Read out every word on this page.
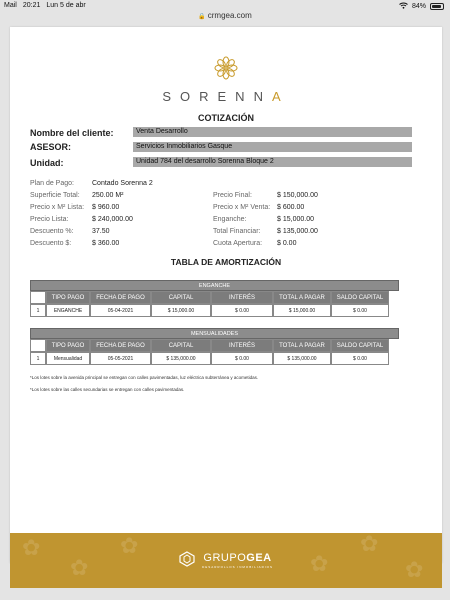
Mail 20:21 Lun 5 de abr	84%
🔒 crmgea.com
SORENNA
COTIZACIÓN
Nombre del cliente:	Venta Desarrollo
ASESOR:	Servicios Inmobiliarios Gasque
Unidad:	Unidad 784 del desarrollo Sorenna Bloque 2
Plan de Pago:	Contado Sorenna 2
Superficie Total: 250.00 M²
Precio x M² Lista: $ 960.00
Precio Lista:	$ 240,000.00
Descuento %:	37.50
Descuento $:	$ 360.00
Precio Final:	$ 150,000.00
Precio x M² Venta: $ 600.00
Enganche:	$ 15,000.00
Total Financiar: $ 135,000.00
Cuota Apertura: $ 0.00
TABLA DE AMORTIZACIÓN
ENGANCHE
TIPO PAGO	FECHA DE PAGO	CAPITAL	INTERÉS	TOTAL A PAGAR	SALDO CAPITAL
1	ENGANCHE	05-04-2021	$ 15,000.00	$ 0.00	$ 15,000.00	$ 0.00
MENSUALIDADES
TIPO PAGO	FECHA DE PAGO	CAPITAL	INTERÉS	TOTAL A PAGAR	SALDO CAPITAL
1	Mensualidad	05-05-2021	$ 135,000.00	$ 0.00	$ 135,000.00	$ 0.00
*Los lotes sobre la avenida principal se entregan con calles pavimentadas, luz eléctrica subterránea y acometidas.
*Los lotes sobre las calles secundarias se entregan con calles pavimentadas.
✿
✿
✿
✿
✿
✿
GRUPOGEA
DESARROLLOS INMOBILIARIOS
